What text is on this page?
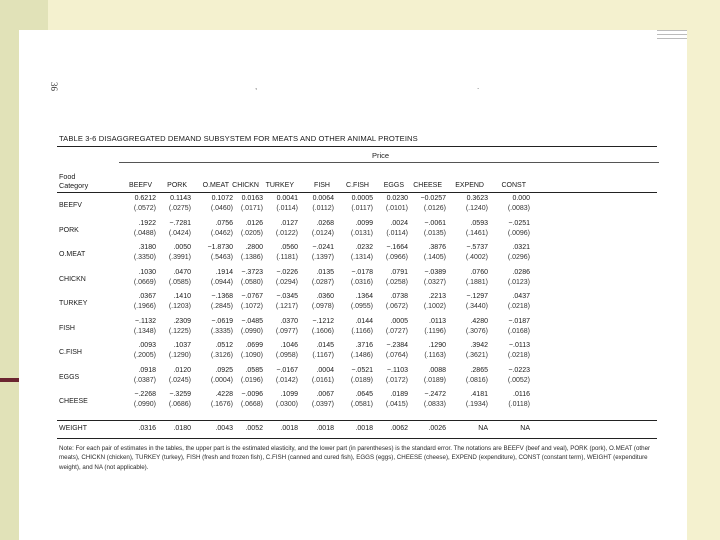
36	,	.
TABLE 3-6 DISAGGREGATED DEMAND SUBSYSTEM FOR MEATS AND OTHER ANIMAL PROTEINS
Price
Food
Category	BEEFV	PORK	O.MEAT CHICKN TURKEY	FISH	C.FISH	EGGS	CHEESE	EXPEND	CONST
BEEFV
0.6212	0.1143	0.1072	0.0163	0.0041	0.0064	0.0005	0.0230	−0.0257	0.3623	0.000
(.0572)	(.0275)	(.0460)	(.0171)	(.0114)	(.0112)	(.0117)	(.0101)	(.0126)	(.1240)	(.0083)
PORK
.1922	−.7281	.0756	.0126	.0127	.0268	.0099	.0024	−.0061	.0593	−.0251
(.0488)	(.0424)	(.0462)	(.0205)	(.0122)	(.0124)	(.0131)	(.0114)	(.0135)	(.1461)	(.0096)
O.MEAT
.3180	.0050	−1.8730	.2800	.0560	−.0241	.0232	−.1664	.3876	−.5737	.0321
(.3350)	(.3991)	(.5463)	(.1386)	(.1181)	(.1397)	(.1314)	(.0966)	(.1405)	(.4002)	(.0296)
CHICKN
.1030	.0470	.1914	−.3723	−.0226	.0135	−.0178	.0791	−.0389	.0760	.0286
(.0669)	(.0585)	(.0944)	(.0580)	(.0294)	(.0287)	(.0316)	(.0258)	(.0327)	(.1881)	(.0123)
TURKEY
.0367	.1410	−.1368	−.0767	−.0345	.0360	.1364	.0738	.2213	−.1297	.0437
(.1966)	(.1203)	(.2845)	(.1072)	(.1217)	(.0978)	(.0955)	(.0672)	(.1002)	(.3440)	(.0218)
FISH
−.1132	.2309	−.0619	−.0485	.0370	−.1212	.0144	.0005	.0113	.4280	−.0187
(.1348)	(.1225)	(.3335)	(.0990)	(.0977)	(.1606)	(.1166)	(.0727)	(.1196)	(.3076)	(.0168)
C.FISH
.0093	.1037	.0512	.0699	.1046	.0145	.3716	−.2384	.1290	.3942	−.0113
(.2005)	(.1290)	(.3126)	(.1090)	(.0958)	(.1167)	(.1486)	(.0764)	(.1163)	(.3621)	(.0218)
EGGS
.0918	.0120	.0925	.0585	−.0167	.0004	−.0521	−.1103	.0088	.2865	−.0223
(.0387)	(.0245)	(.0004)	(.0196)	(.0142)	(.0161)	(.0189)	(.0172)	(.0189)	(.0816)	(.0052)
CHEESE
−.2268	−.3259	.4228	−.0096	.1099	.0067	.0645	.0189	−.2472	.4181	.0116
(.0990)	(.0686)	(.1676)	(.0668)	(.0300)	(.0397)	(.0581)	(.0415)	(.0833)	(.1934)	(.0118)
WEIGHT	.0316	.0180	.0043	.0052	.0018	.0018	.0018	.0062	.0026	NA	NA
Note: For each pair of estimates in the tables, the upper part is the estimated elasticity, and the lower part (in parentheses) is the standard error. The notations are BEEFV (beef and veal), PORK (pork), O.MEAT (other meats), CHICKN (chicken), TURKEY (turkey), FISH (fresh and frozen fish), C.FISH (canned and cured fish), EGGS (eggs), CHEESE (cheese), EXPEND (expenditure), CONST (constant term), WEIGHT (expenditure weight), and NA (not applicable).
